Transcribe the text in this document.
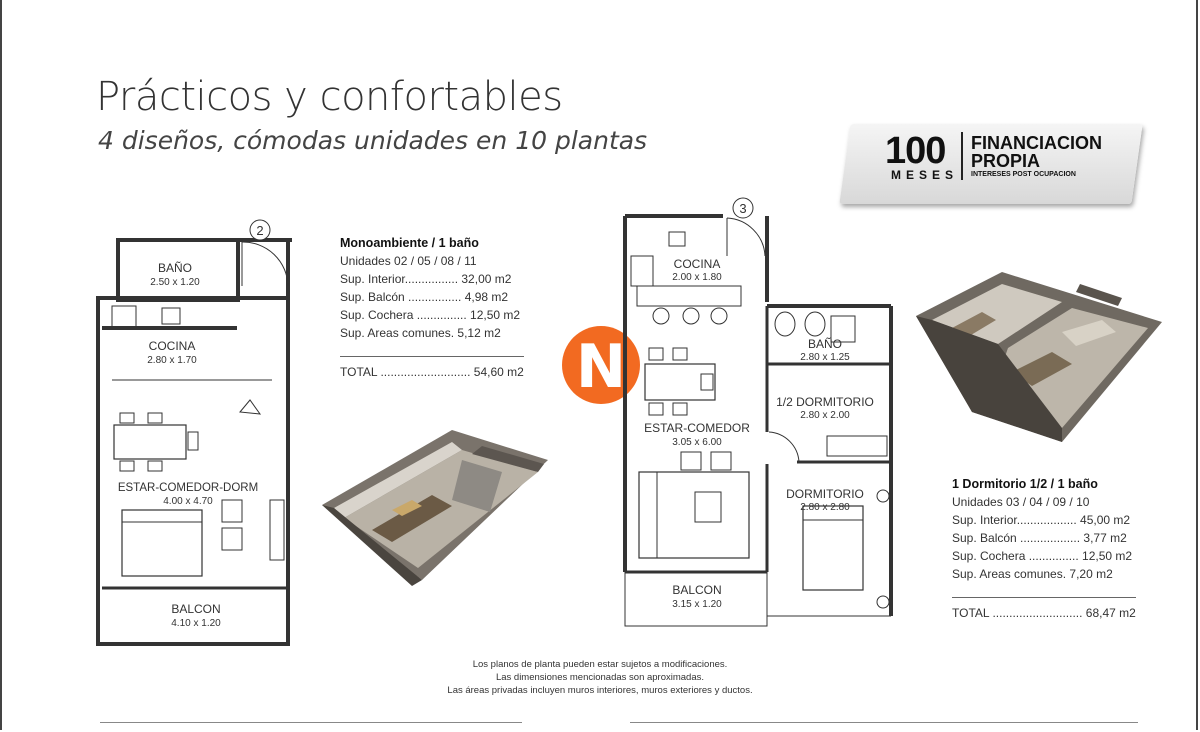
Prácticos y confortables
4 diseños, cómodas unidades en 10 plantas	100
MESES
FINANCIACION
PROPIA
INTERESES POST OCUPACION
2
BAÑO
2.50 x 1.20
COCINA
2.80 x 1.70
ESTAR-COMEDOR-DORM
4.00 x 4.70
BALCON
4.10 x 1.20
Monoambiente / 1 baño
Unidades 02 / 05 / 08 / 11
Sup. Interior................ 32,00 m2
Sup. Balcón ................ 4,98 m2
Sup. Cochera ............... 12,50 m2
Sup. Areas comunes. 5,12 m2
TOTAL ........................... 54,60 m2 N
3
COCINA
2.00 x 1.80
BAÑO
2.80 x 1.25
1/2 DORMITORIO
2.80 x 2.00
ESTAR-COMEDOR
3.05 x 6.00
DORMITORIO
2.80 x 2.80
BALCON
3.15 x 1.20
1 Dormitorio 1/2 / 1 baño
Unidades 03 / 04 / 09 / 10
Sup. Interior.................. 45,00 m2
Sup. Balcón .................. 3,77 m2
Sup. Cochera ............... 12,50 m2
Sup. Areas comunes. 7,20 m2
TOTAL ........................... 68,47 m2
Los planos de planta pueden estar sujetos a modificaciones.
Las dimensiones mencionadas son aproximadas.
Las áreas privadas incluyen muros interiores, muros exteriores y ductos.
